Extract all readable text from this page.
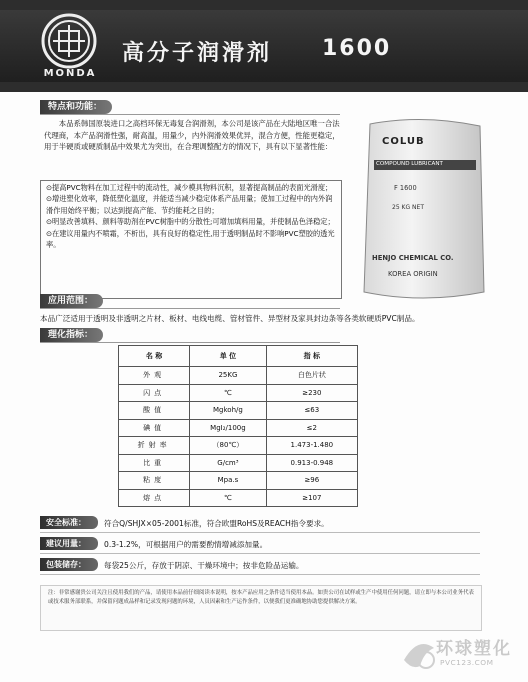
MONDA
高分子润滑剂 1600
特点和功能：
本品系韩国原装进口之高档环保无毒复合润滑剂，本公司是该产品在大陆地区唯一合法代理商，本产品润滑性强，耐高温，用量少，内外润滑效果优异，混合方便，性能更稳定，用于半硬质或硬质制品中效果尤为突出，在合理调整配方的情况下，具有以下显著性能：
⊙提高PVC物料在加工过程中的流动性，减少模具物料沉积，显著提高制品的表面光滑度；
⊙增进塑化效率，降低塑化温度，并能适当减少稳定体系产品用量；使加工过程中的内外润滑作用始终平衡；以达到提高产能、节约能耗之目的；
⊙明显改善填料、颜料等助剂在PVC树脂中的分散性;可增加填料用量，并使制品色泽稳定；
⊙在建议用量内不喷霜，不析出，具有良好的稳定性,用于透明制品时不影响PVC塑胶的透光率。
COLUB
COMPOUND LUBRICANT
F 1600
25 KG NET
HENJO CHEMICAL CO.
KOREA ORIGIN
应用范围：
本品广泛适用于透明及非透明之片材、板材、电线电缆、管材管件、异型材及家具封边条等各类软硬质PVC制品。
理化指标：
名 称	单 位	指 标
外观	25KG	白色片状
闪点	℃	≥230
酸值	Mgkoh/g	≤63
碘值	MgI₂/100g	≤2
折射率	（80℃）	1.473-1.480
比重	G/cm³	0.913-0.948
粘度	Mpa.s	≥96
熔点	℃	≥107
安全标准：	符合Q/SHJX×05-2001标准，符合欧盟RoHS及REACH指令要求。
建议用量：	0.3-1.2%，可根据用户的需要酌情增减添加量。
包装储存：	每袋25公斤，存放于阴凉、干燥环境中；按非危险品运输。
注：非常感谢贵公司关注且使用我们的产品，请使用本品前仔细阅读本说明，按本产品应用之条件适当使用本品。如贵公司在试样或生产中使用任何问题，请立即与本公司业务代表或技术服务部联系，并保留问题成品样和记录发现问题的环境，人员因素和生产运作条件，以便我们更准确地协助您提供解决方案。
环球塑化
PVC123.COM
